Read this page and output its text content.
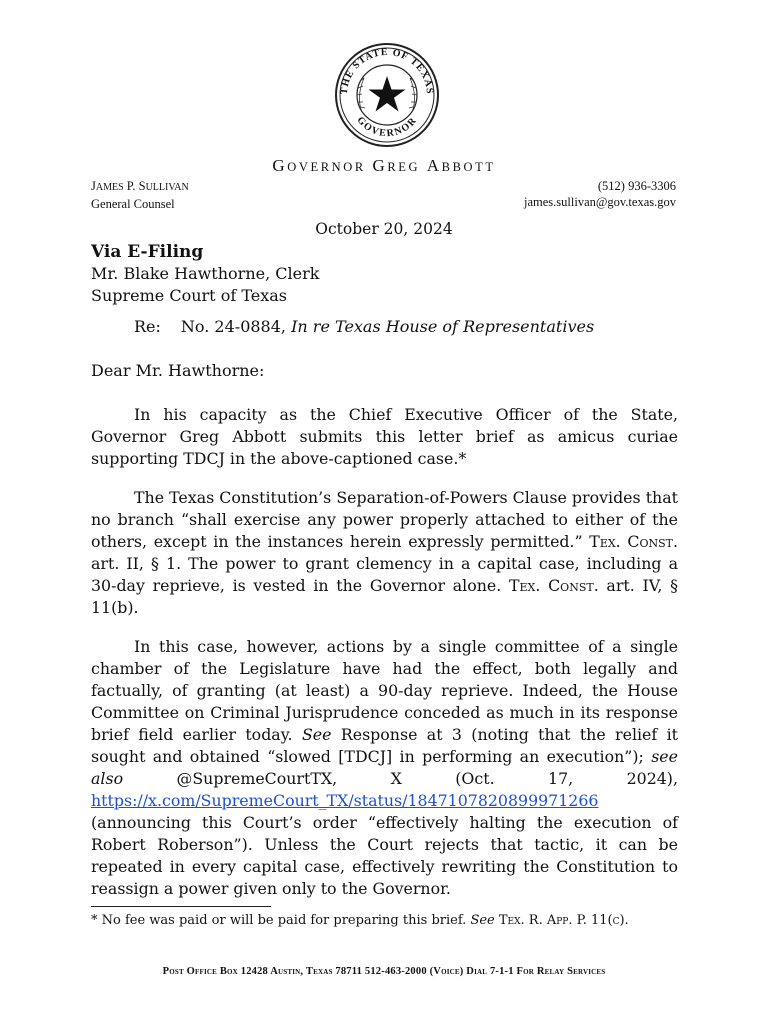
THE STATE OF TEXAS
GOVERNOR
GOVERNOR GREG ABBOTT
JAMES P. SULLIVAN
General Counsel
(512) 936-3306
james.sullivan@gov.texas.gov
October 20, 2024
Via E-Filing
Mr. Blake Hawthorne, Clerk
Supreme Court of Texas
Re: No. 24-0884, In re Texas House of Representatives
Dear Mr. Hawthorne:

In his capacity as the Chief Executive Officer of the State, Governor Greg Abbott submits this letter brief as amicus curiae supporting TDCJ in the above-captioned case.*

The Texas Constitution’s Separation-of-Powers Clause provides that no branch “shall exercise any power properly attached to either of the others, except in the instances herein expressly permitted.” Tex. Const. art. II, § 1. The power to grant clemency in a capital case, including a 30-day reprieve, is vested in the Governor alone. Tex. Const. art. IV, § 11(b).

In this case, however, actions by a single committee of a single chamber of the Legislature have had the effect, both legally and factually, of granting (at least) a 90-day reprieve. Indeed, the House Committee on Criminal Jurisprudence conceded as much in its response brief field earlier today. See Response at 3 (noting that the relief it sought and obtained “slowed [TDCJ] in performing an execution”); see also @SupremeCourtTX, X (Oct. 17, 2024), https://x.com/SupremeCourt_TX/status/1847107820899971266 (announcing this Court’s order “effectively halting the execution of Robert Roberson”). Unless the Court rejects that tactic, it can be repeated in every capital case, effectively rewriting the Constitution to reassign a power given only to the Governor.

* No fee was paid or will be paid for preparing this brief. See Tex. R. App. P. 11(c).
Post Office Box 12428 Austin, Texas 78711 512-463-2000 (Voice) Dial 7-1-1 For Relay Services
